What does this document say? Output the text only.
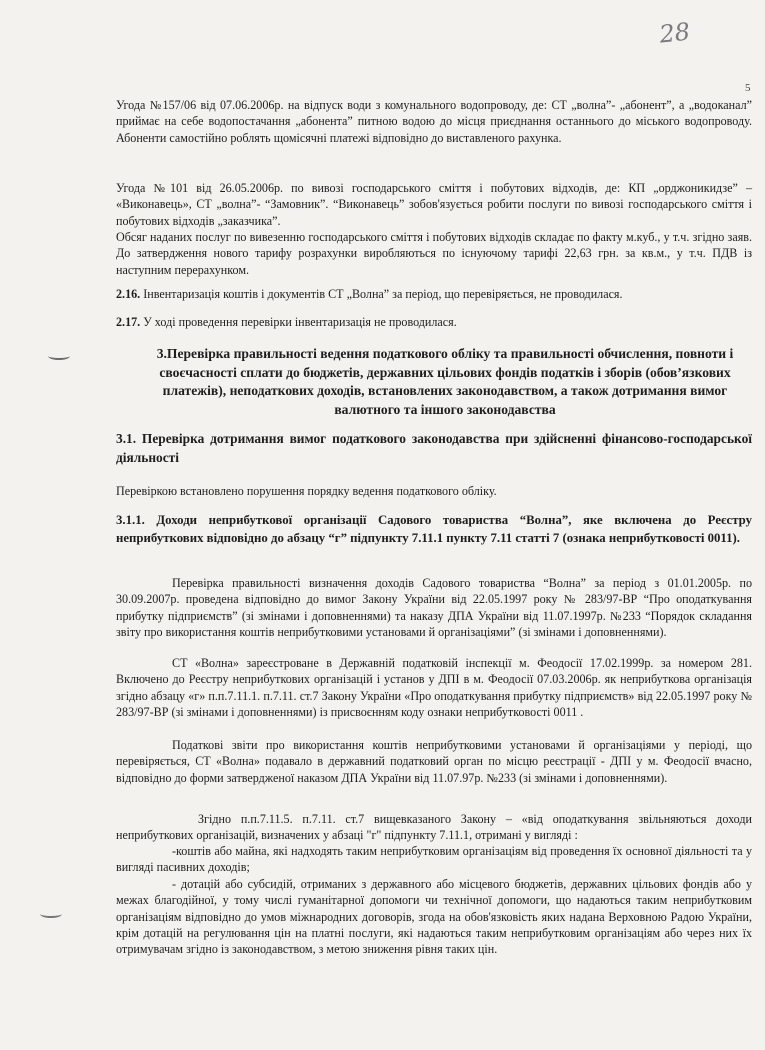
28
5

Угода №157/06 від 07.06.2006р. на відпуск води з комунального водопроводу, де: СТ „волна”- „абонент”, а „водоканал” приймає на себе водопостачання „абонента” питною водою до місця приєднання останнього до міського водопроводу. Абоненти самостійно роблять щомісячні платежі відповідно до виставленого рахунка.

Угода №101 від 26.05.2006р. по вивозі господарського сміття і побутових відходів, де: КП „орджоникидзе” – «Виконавець», СТ „волна”- “Замовник”. “Виконавець” зобов'язується робити послуги по вивозі господарського сміття і побутових відходів „заказчика”.

Обсяг наданих послуг по вивезенню господарського сміття і побутових відходів складає по факту м.куб., у т.ч. згідно заяв. До затвердження нового тарифу розрахунки виробляються по існуючому тарифі 22,63 грн. за кв.м., у т.ч. ПДВ із наступним перерахунком.

2.16. Інвентаризація коштів і документів СТ „Волна” за період, що перевіряється, не проводилася.

2.17. У ході проведення перевірки інвентаризація не проводилася.

3.Перевірка правильності ведення податкового обліку та правильності обчислення, повноти і своєчасності сплати до бюджетів, державних цільових фондів податків і зборів (обов’язкових платежів), неподаткових доходів, встановлених законодавством, а також дотримання вимог валютного та іншого законодавства

3.1. Перевірка дотримання вимог податкового законодавства при здійсненні фінансово-господарської діяльності

Перевіркою встановлено порушення порядку ведення податкового обліку.

3.1.1. Доходи неприбуткової організації Садового товариства “Волна”, яке включена до Реєстру неприбуткових відповідно до абзацу “г” підпункту 7.11.1 пункту 7.11 статті 7 (ознака неприбутковості 0011).

Перевірка правильності визначення доходів Садового товариства “Волна” за період з 01.01.2005р. по 30.09.2007р. проведена відповідно до вимог Закону України від 22.05.1997 року № 283/97-ВР “Про оподаткування прибутку підприємств” (зі змінами і доповненнями) та наказу ДПА України від 11.07.1997р. №233 “Порядок складання звіту про використання коштів неприбутковими установами й організаціями” (зі змінами і доповненнями).

СТ «Волна» зареєстроване в Державній податковій інспекції м. Феодосії 17.02.1999р. за номером 281. Включено до Реєстру неприбуткових організацій і установ у ДПІ в м. Феодосії 07.03.2006р. як неприбуткова організація згідно абзацу «г» п.п.7.11.1. п.7.11. ст.7 Закону України «Про оподаткування прибутку підприємств» від 22.05.1997 року № 283/97-ВР (зі змінами і доповненнями) із присвоєнням коду ознаки неприбутковості 0011 .

Податкові звіти про використання коштів неприбутковими установами й організаціями у періоді, що перевіряється, СТ «Волна» подавало в державний податковий орган по місцю реєстрації - ДПІ у м. Феодосії вчасно, відповідно до форми затвердженої наказом ДПА України від 11.07.97р. №233 (зі змінами і доповненнями).

Згідно п.п.7.11.5. п.7.11. ст.7 вищевказаного Закону – «від оподаткування звільняються доходи неприбуткових організацій, визначених у абзаці "г" підпункту 7.11.1, отримані у вигляді :

-коштів або майна, які надходять таким неприбутковим організаціям від проведення їх основної діяльності та у вигляді пасивних доходів;

- дотацій або субсидій, отриманих з державного або місцевого бюджетів, державних цільових фондів або у межах благодійної, у тому числі гуманітарної допомоги чи технічної допомоги, що надаються таким неприбутковим організаціям відповідно до умов міжнародних договорів, згода на обов'язковість яких надана Верховною Радою України, крім дотацій на регулювання цін на платні послуги, які надаються таким неприбутковим організаціям або через них їх отримувачам згідно із законодавством, з метою зниження рівня таких цін.
